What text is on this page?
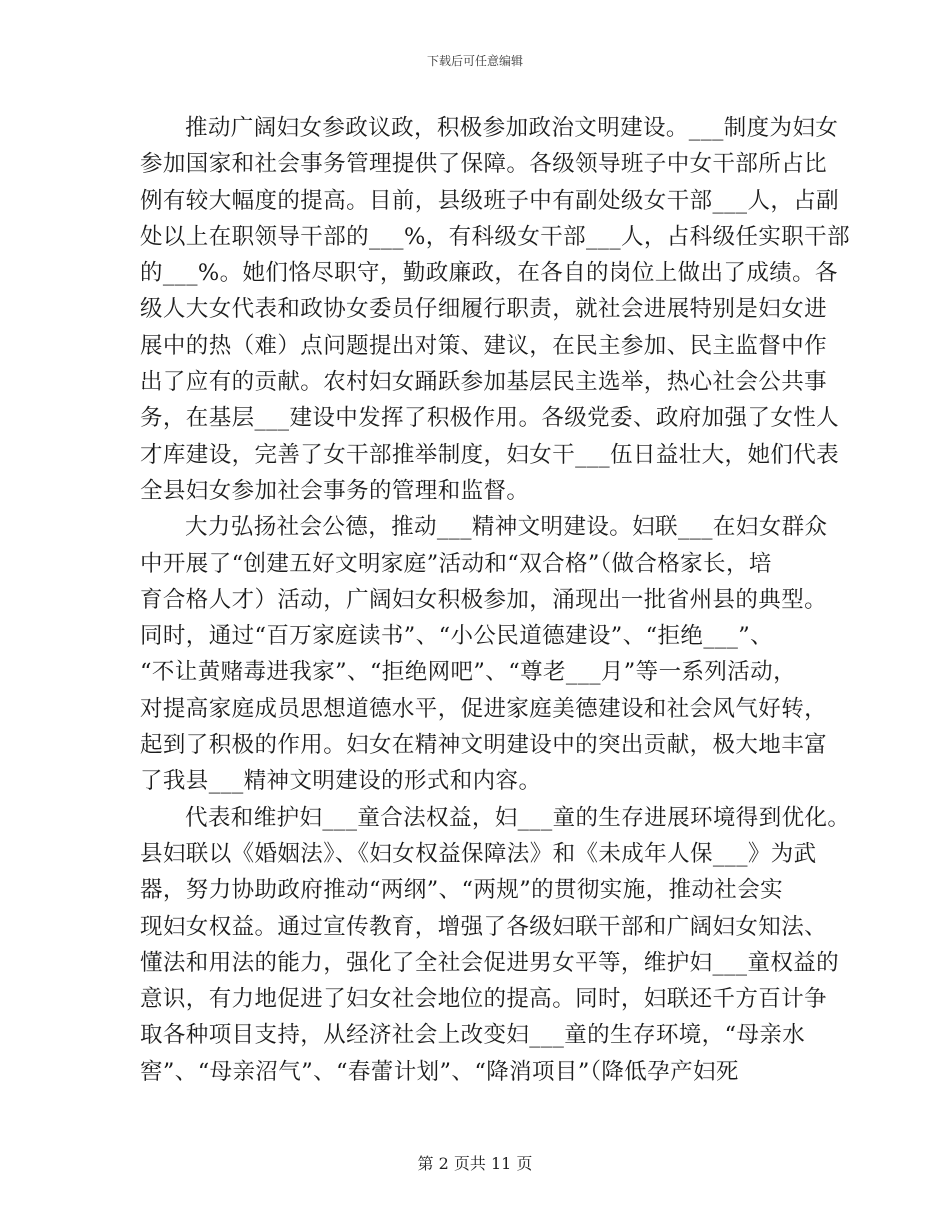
下载后可任意编辑
推动广阔妇女参政议政，积极参加政治文明建设。___制度为妇女
参加国家和社会事务管理提供了保障。各级领导班子中女干部所占比
例有较大幅度的提高。目前，县级班子中有副处级女干部___人，占副
处以上在职领导干部的___%，有科级女干部___人，占科级任实职干部
的___%。她们恪尽职守，勤政廉政，在各自的岗位上做出了成绩。各
级人大女代表和政协女委员仔细履行职责，就社会进展特别是妇女进
展中的热（难）点问题提出对策、建议，在民主参加、民主监督中作
出了应有的贡献。农村妇女踊跃参加基层民主选举，热心社会公共事
务，在基层___建设中发挥了积极作用。各级党委、政府加强了女性人
才库建设，完善了女干部推举制度，妇女干___伍日益壮大，她们代表
全县妇女参加社会事务的管理和监督。
大力弘扬社会公德，推动___精神文明建设。妇联___在妇女群众
中开展了“创建五好文明家庭”活动和“双合格”（做合格家长，培
育合格人才）活动，广阔妇女积极参加，涌现出一批省州县的典型。
同时，通过“百万家庭读书”、“小公民道德建设”、“拒绝___”、
“不让黄赌毒进我家”、“拒绝网吧”、“尊老___月”等一系列活动，
对提高家庭成员思想道德水平，促进家庭美德建设和社会风气好转，
起到了积极的作用。妇女在精神文明建设中的突出贡献，极大地丰富
了我县___精神文明建设的形式和内容。
代表和维护妇___童合法权益，妇___童的生存进展环境得到优化。
县妇联以《婚姻法》、《妇女权益保障法》和《未成年人保___》为武
器，努力协助政府推动“两纲”、“两规”的贯彻实施，推动社会实
现妇女权益。通过宣传教育，增强了各级妇联干部和广阔妇女知法、
懂法和用法的能力，强化了全社会促进男女平等，维护妇___童权益的
意识，有力地促进了妇女社会地位的提高。同时，妇联还千方百计争
取各种项目支持，从经济社会上改变妇___童的生存环境，“母亲水
窖”、“母亲沼气”、“春蕾计划”、“降消项目”（降低孕产妇死
第 2 页共 11 页
